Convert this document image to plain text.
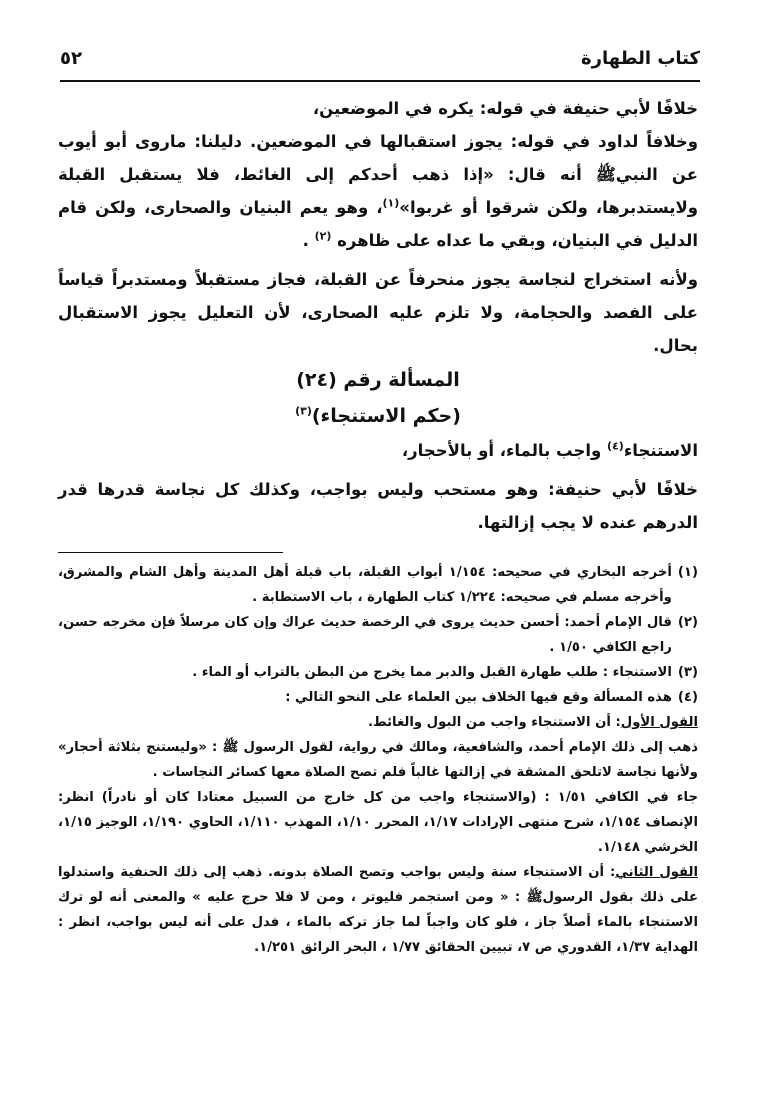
كتاب الطهارة
٥٢

خلافًا لأبي حنيفة في قوله: يكره في الموضعين،

وخلافاً لداود في قوله: يجوز استقبالها في الموضعين. دليلنا: ماروى أبو أيوب عن النبيﷺ أنه قال: «إذا ذهب أحدكم إلى الغائط، فلا يستقبل القبلة ولايستدبرها، ولكن شرقوا أو غربوا»$^{(١)}$، وهو يعم البنيان والصحارى، ولكن قام الدليل في البنيان، وبقي ما عداه على ظاهره $^{(٢)}$ .

ولأنه استخراج لنجاسة يجوز منحرفاً عن القبلة، فجاز مستقبلاً ومستدبراً قياساً على الفصد والحجامة، ولا تلزم عليه الصحارى، لأن التعليل يجوز الاستقبال بحال.

المسألة رقم (٢٤)

(حكم الاستنجاء)$^{(٣)}$

الاستنجاء$^{(٤)}$ واجب بالماء، أو بالأحجار،

خلافًا لأبي حنيفة: وهو مستحب وليس بواجب، وكذلك كل نجاسة قدرها قدر الدرهم عنده لا يجب إزالتها.

(١)
أخرجه البخاري في صحيحه: ١/١٥٤ أبواب القبلة، باب قبلة أهل المدينة وأهل الشام والمشرق، وأخرجه مسلم في صحيحه: ١/٢٢٤ كتاب الطهارة ، باب الاستطابة .
(٢)
قال الإمام أحمد: أحسن حديث يروى في الرخصة حديث عراك وإن كان مرسلاً فإن مخرجه حسن، راجع الكافي ١/٥٠ .
(٣)
الاستنجاء : طلب طهارة القبل والدبر مما يخرج من البطن بالتراب أو الماء .
(٤)
هذه المسألة وقع فيها الخلاف بين العلماء على النحو التالي :

القول الأول: أن الاستنجاء واجب من البول والغائط.

ذهب إلى ذلك الإمام أحمد، والشافعية، ومالك في رواية، لقول الرسول ﷺ : «وليستنج بثلاثة أحجار» ولأنها نجاسة لاتلحق المشقة في إزالتها غالباً فلم تصح الصلاة معها كسائر النجاسات .

جاء في الكافي ١/٥١ : (والاستنجاء واجب من كل خارج من السبيل معتادا كان أو نادراً) انظر: الإنصاف ١/١٥٤، شرح منتهى الإرادات ١/١٧، المحرر ١/١٠، المهذب ١/١١٠، الحاوي ١/١٩٠، الوجيز ١/١٥، الخرشي ١/١٤٨.

القول الثاني: أن الاستنجاء سنة وليس بواجب وتصح الصلاة بدونه. ذهب إلى ذلك الحنفية واستدلوا على ذلك بقول الرسولﷺ : « ومن استجمر فليوتر ، ومن لا فلا حرج عليه » والمعنى أنه لو ترك الاستنجاء بالماء أصلاً جاز ، فلو كان واجباً لما جاز تركه بالماء ، فدل على أنه ليس بواجب، انظر : الهداية ١/٣٧، القدوري ص ٧، تبيين الحقائق ١/٧٧ ، البحر الرائق ١/٢٥١.
